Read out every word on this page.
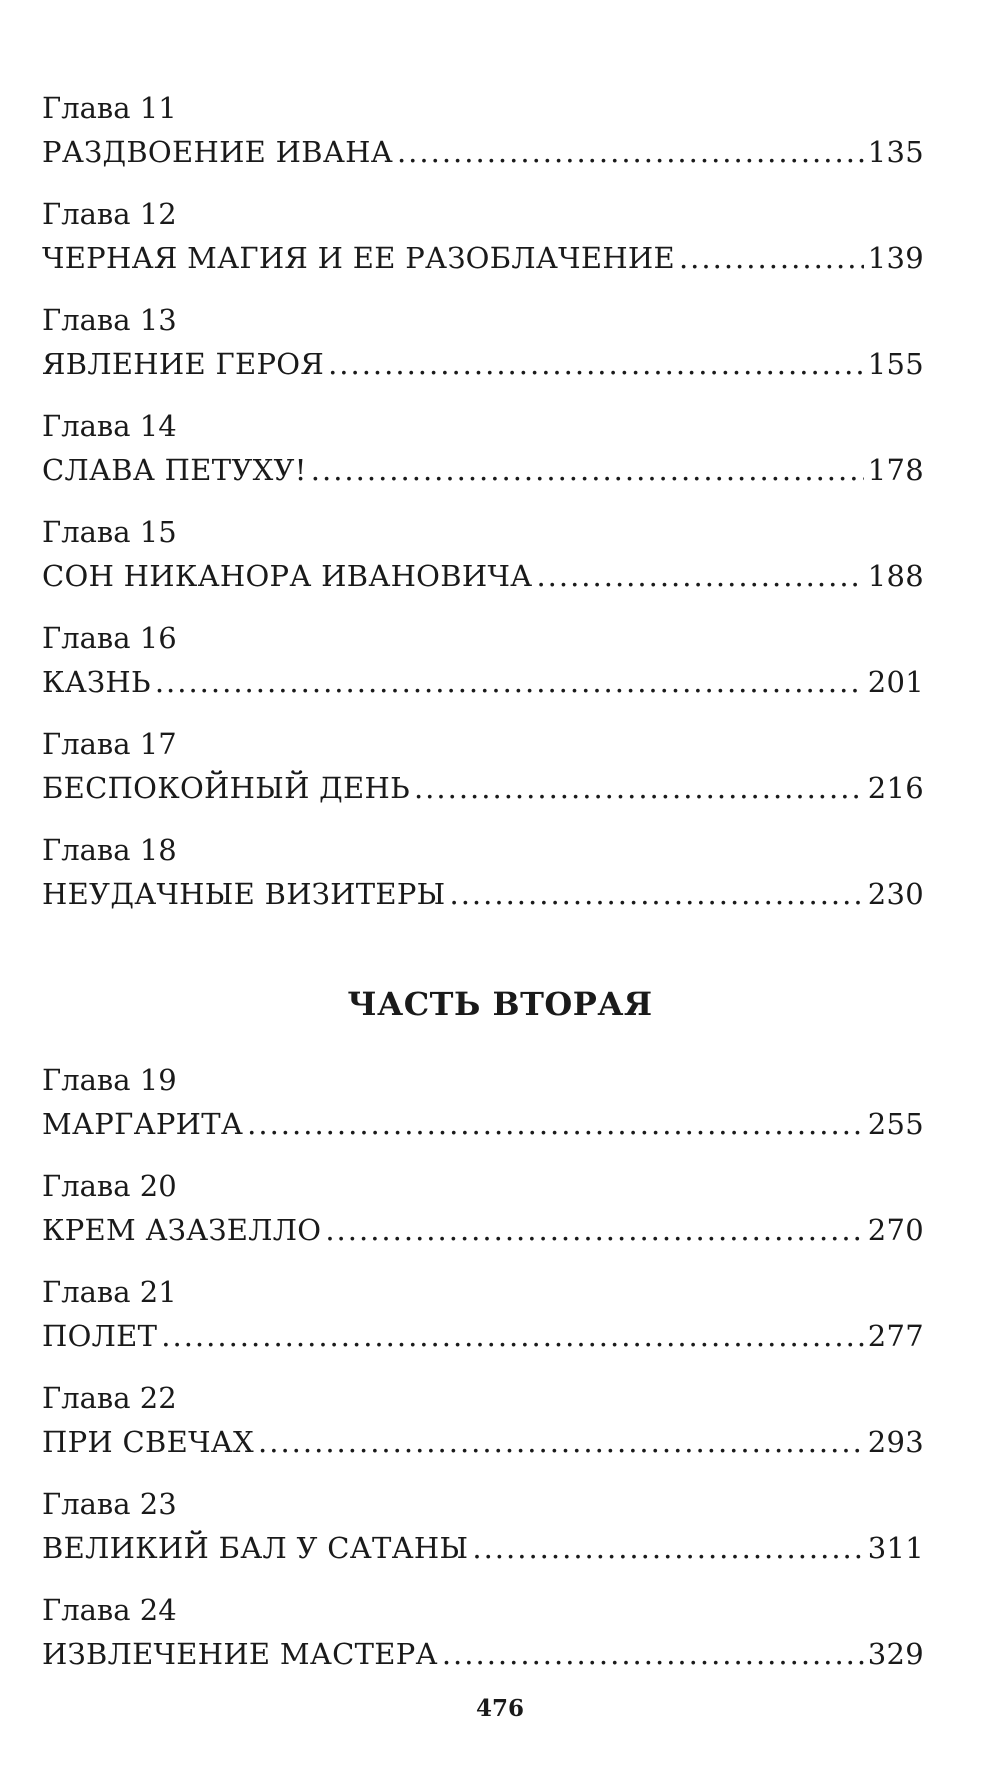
Глава 11
РАЗДВОЕНИЕ ИВАНА .....	135
Глава 12
ЧЕРНАЯ МАГИЯ И ЕЕ РАЗОБЛАЧЕНИЕ .....	139
Глава 13
ЯВЛЕНИЕ ГЕРОЯ .....	155
Глава 14
СЛАВА ПЕТУХУ! .....	178
Глава 15
СОН НИКАНОРА ИВАНОВИЧА .....	188
Глава 16
КАЗНЬ .....	201
Глава 17
БЕСПОКОЙНЫЙ ДЕНЬ .....	216
Глава 18
НЕУДАЧНЫЕ ВИЗИТЕРЫ .....	230
ЧАСТЬ ВТОРАЯ
Глава 19
МАРГАРИТА .....	255
Глава 20
КРЕМ АЗАЗЕЛЛО .....	270
Глава 21
ПОЛЕТ .....	277
Глава 22
ПРИ СВЕЧАХ .....	293
Глава 23
ВЕЛИКИЙ БАЛ У САТАНЫ .....	311
Глава 24
ИЗВЛЕЧЕНИЕ МАСТЕРА .....	329
476
